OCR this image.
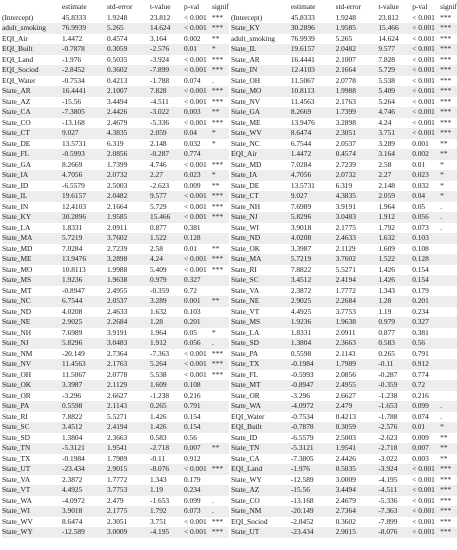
	estimate	std-error	t-value	p-val	signif
(Intercept)	45.8333	1.9248	23.812	< 0.001	***
adult_smoking	76.9939	5.265	14.624	< 0.001	***
EQI_Air	1.4472	0.4574	3.164	0.002	**
EQI_Built	-0.7878	0.3059	-2.576	0.01	*
EQI_Land	-1.976	0.5035	-3.924	< 0.001	***
EQI_Sociod	-2.8452	0.3602	-7.899	< 0.001	***
EQI_Water	-0.7534	0.4213	-1.788	0.074	.
State_AR	16.4441	2.1007	7.828	< 0.001	***
State_AZ	-15.56	3.4494	-4.511	< 0.001	***
State_CA	-7.3805	2.4426	-3.022	0.003	**
State_CO	-13.168	2.4679	-5.336	< 0.001	***
State_CT	9.027	4.3835	2.059	0.04	*
State_DE	13.5731	6.319	2.148	0.032	*
State_FL	-0.5993	2.0856	-0.287	0.774	
State_GA	8.2669	1.7399	4.746	< 0.001	***
State_IA	4.7056	2.0732	2.27	0.023	*
State_ID	-6.5579	2.5003	-2.623	0.009	**
State_IL	19.6157	2.0482	9.577	< 0.001	***
State_IN	12.4103	2.1664	5.729	< 0.001	***
State_KY	30.2896	1.9585	15.466	< 0.001	***
State_LA	1.8331	2.0911	0.877	0.381	
State_MA	5.7219	3.7602	1.522	0.128	
State_MD	7.0284	2.7239	2.58	0.01	**
State_ME	13.9476	3.2898	4.24	< 0.001	***
State_MO	10.8113	1.9988	5.409	< 0.001	***
State_MS	1.9236	1.9638	0.979	0.327	
State_MT	-0.8947	2.4955	-0.359	0.72	
State_NC	6.7544	2.0537	3.289	0.001	**
State_ND	4.0208	2.4633	1.632	0.103	
State_NE	2.9025	2.2684	1.28	0.201	
State_NH	7.6989	3.9191	1.964	0.05	*
State_NJ	5.8296	3.0483	1.912	0.056	.
State_NM	-20.149	2.7364	-7.363	< 0.001	***
State_NV	11.4563	2.1763	5.264	< 0.001	***
State_OH	11.5067	2.0778	5.538	< 0.001	***
State_OK	3.3987	2.1129	1.609	0.108	
State_OR	-3.296	2.6627	-1.238	0.216	
State_PA	0.5598	2.1143	0.265	0.791	
State_RI	7.8822	5.5271	1.426	0.154	
State_SC	3.4512	2.4194	1.426	0.154	
State_SD	1.3804	2.3663	0.583	0.56	
State_TN	-5.3121	1.9541	-2.718	0.007	**
State_TX	-0.1984	1.7989	-0.11	0.912	
State_UT	-23.434	2.9015	-8.076	< 0.001	***
State_VA	2.3872	1.7772	1.343	0.179	
State_VT	4.4925	3.7753	1.19	0.234	
State_WA	-4.0972	2.479	-1.653	0.099	.
State_WI	3.9018	2.1775	1.792	0.073	.
State_WV	8.6474	2.3051	3.751	< 0.001	***
State_WY	-12.589	3.0009	-4.195	< 0.001	***
	estimate	std-error	t-value	p-val	signif
(Intercept)	45.8333	1.9248	23.812	< 0.001	***
State_KY	30.2896	1.9585	15.466	< 0.001	***
adult_smoking	76.9939	5.265	14.624	< 0.001	***
State_IL	19.6157	2.0482	9.577	< 0.001	***
State_AR	16.4441	2.1007	7.828	< 0.001	***
State_IN	12.4103	2.1664	5.729	< 0.001	***
State_OH	11.5067	2.0778	5.538	< 0.001	***
State_MO	10.8113	1.9988	5.409	< 0.001	***
State_NV	11.4563	2.1763	5.264	< 0.001	***
State_GA	8.2669	1.7399	4.746	< 0.001	***
State_ME	13.9476	3.2898	4.24	< 0.001	***
State_WV	8.6474	2.3051	3.751	< 0.001	***
State_NC	6.7544	2.0537	3.289	0.001	**
EQI_Air	1.4472	0.4574	3.164	0.002	**
State_MD	7.0284	2.7239	2.58	0.01	*
State_IA	4.7056	2.0732	2.27	0.023	*
State_DE	13.5731	6.319	2.148	0.032	*
State_CT	9.027	4.3835	2.059	0.04	*
State_NH	7.6989	3.9191	1.964	0.05	.
State_NJ	5.8296	3.0483	1.912	0.056	.
State_WI	3.9018	2.1775	1.792	0.073	.
State_ND	4.0208	2.4633	1.632	0.103	
State_OK	3.3987	2.1129	1.609	0.108	
State_MA	5.7219	3.7602	1.522	0.128	
State_RI	7.8822	5.5271	1.426	0.154	
State_SC	3.4512	2.4194	1.426	0.154	
State_VA	2.3872	1.7772	1.343	0.179	
State_NE	2.9025	2.2684	1.28	0.201	
State_VT	4.4925	3.7753	1.19	0.234	
State_MS	1.9236	1.9638	0.979	0.327	
State_LA	1.8331	2.0911	0.877	0.381	
State_SD	1.3804	2.3663	0.583	0.56	
State_PA	0.5598	2.1143	0.265	0.791	
State_TX	-0.1984	1.7989	-0.11	0.912	
State_FL	-0.5993	2.0856	-0.287	0.774	
State_MT	-0.8947	2.4955	-0.359	0.72	
State_OR	-3.296	2.6627	-1.238	0.216	
State_WA	-4.0972	2.479	-1.653	0.099	.
EQI_Water	-0.7534	0.4213	-1.788	0.074	.
EQI_Built	-0.7878	0.3059	-2.576	0.01	*
State_ID	-6.5579	2.5003	-2.623	0.009	**
State_TN	-5.3121	1.9541	-2.718	0.007	**
State_CA	-7.3805	2.4426	-3.022	0.003	**
EQI_Land	-1.976	0.5035	-3.924	< 0.001	***
State_WY	-12.589	3.0009	-4.195	< 0.001	***
State_AZ	-15.56	3.4494	-4.511	< 0.001	***
State_CO	-13.168	2.4679	-5.336	< 0.001	***
State_NM	-20.149	2.7364	-7.363	< 0.001	***
EQI_Sociod	-2.8452	0.3602	-7.899	< 0.001	***
State_UT	-23.434	2.9015	-8.076	< 0.001	***
